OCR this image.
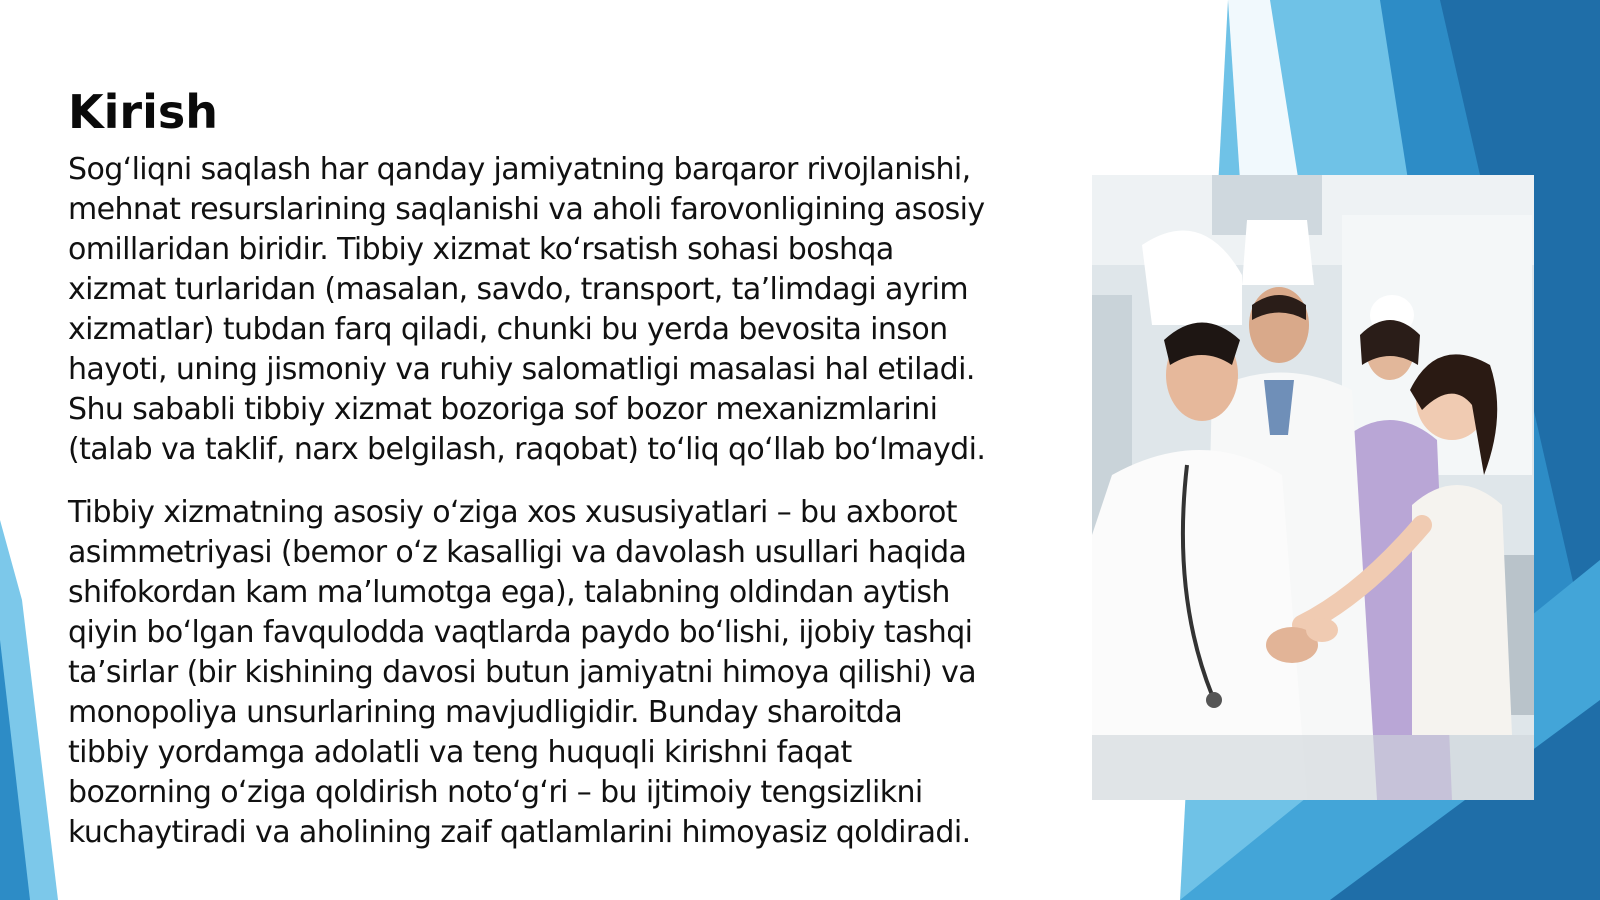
Kirish
Sog‘liqni saqlash har qanday jamiyatning barqaror rivojlanishi,
mehnat resurslarining saqlanishi va aholi farovonligining asosiy
omillaridan biridir. Tibbiy xizmat ko‘rsatish sohasi boshqa
xizmat turlaridan (masalan, savdo, transport, ta’limdagi ayrim
xizmatlar) tubdan farq qiladi, chunki bu yerda bevosita inson
hayoti, uning jismoniy va ruhiy salomatligi masalasi hal etiladi.
Shu sababli tibbiy xizmat bozoriga sof bozor mexanizmlarini
(talab va taklif, narx belgilash, raqobat) to‘liq qo‘llab bo‘lmaydi.
Tibbiy xizmatning asosiy o‘ziga xos xususiyatlari – bu axborot
asimmetriyasi (bemor o‘z kasalligi va davolash usullari haqida
shifokordan kam ma’lumotga ega), talabning oldindan aytish
qiyin bo‘lgan favqulodda vaqtlarda paydo bo‘lishi, ijobiy tashqi
ta’sirlar (bir kishining davosi butun jamiyatni himoya qilishi) va
monopoliya unsurlarining mavjudligidir. Bunday sharoitda
tibbiy yordamga adolatli va teng huquqli kirishni faqat
bozorning o‘ziga qoldirish noto‘g‘ri – bu ijtimoiy tengsizlikni
kuchaytiradi va aholining zaif qatlamlarini himoyasiz qoldiradi.
